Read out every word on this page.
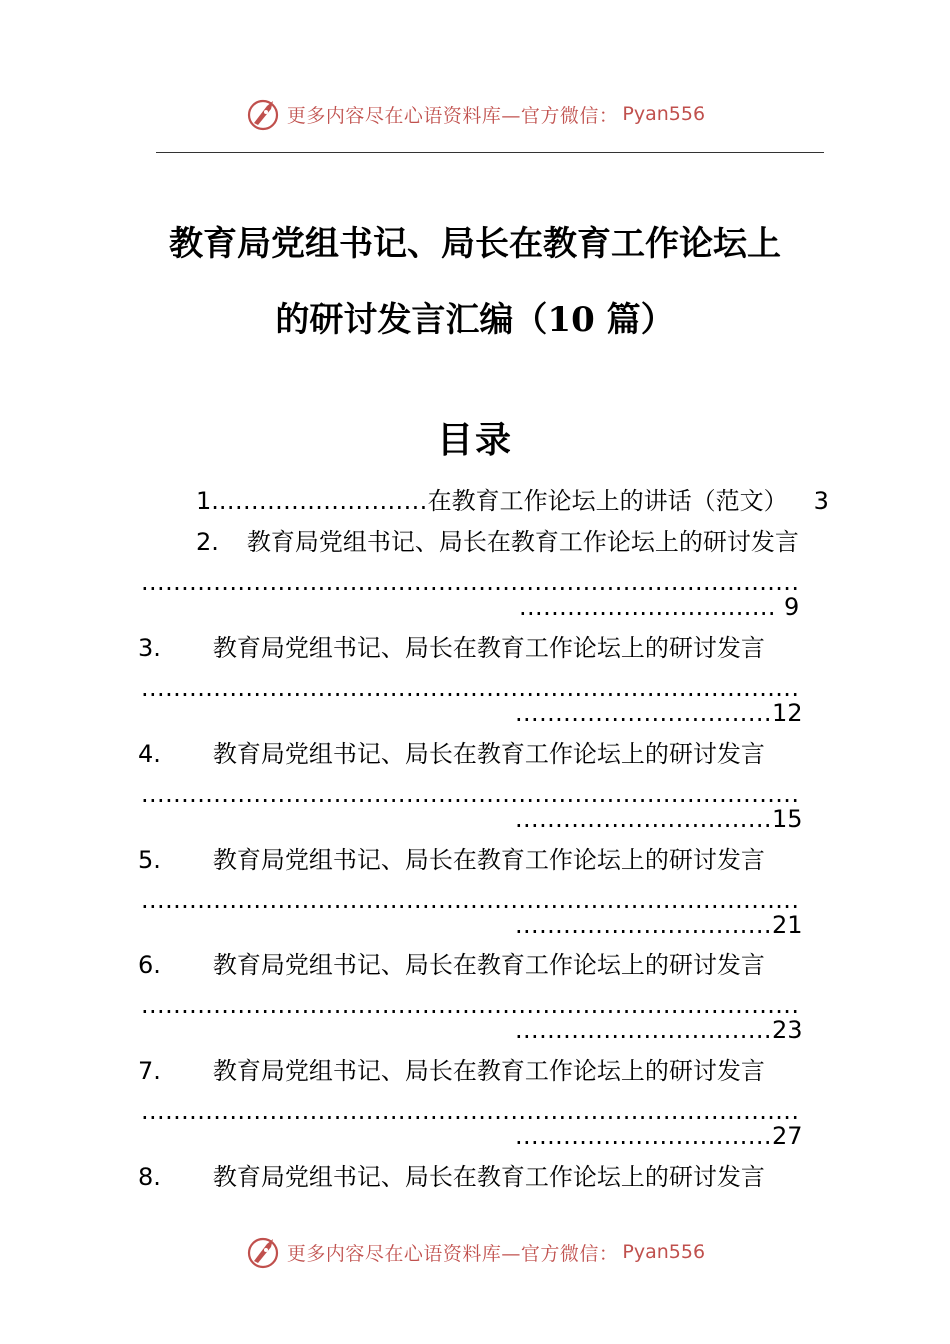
更多内容尽在心语资料库—官方微信： Pyan556
教育局党组书记、局长在教育工作论坛上
的研讨发言汇编（10 篇）
目录
1...........................在教育工作论坛上的讲话（范文） 3
2. 教育局党组书记、局长在教育工作论坛上的研讨发言
..................................................................................
................................ 9
3. 教育局党组书记、局长在教育工作论坛上的研讨发言
..................................................................................
................................12
4. 教育局党组书记、局长在教育工作论坛上的研讨发言
..................................................................................
................................15
5. 教育局党组书记、局长在教育工作论坛上的研讨发言
..................................................................................
................................21
6. 教育局党组书记、局长在教育工作论坛上的研讨发言
..................................................................................
................................23
7. 教育局党组书记、局长在教育工作论坛上的研讨发言
..................................................................................
................................27
8. 教育局党组书记、局长在教育工作论坛上的研讨发言
更多内容尽在心语资料库—官方微信： Pyan556
